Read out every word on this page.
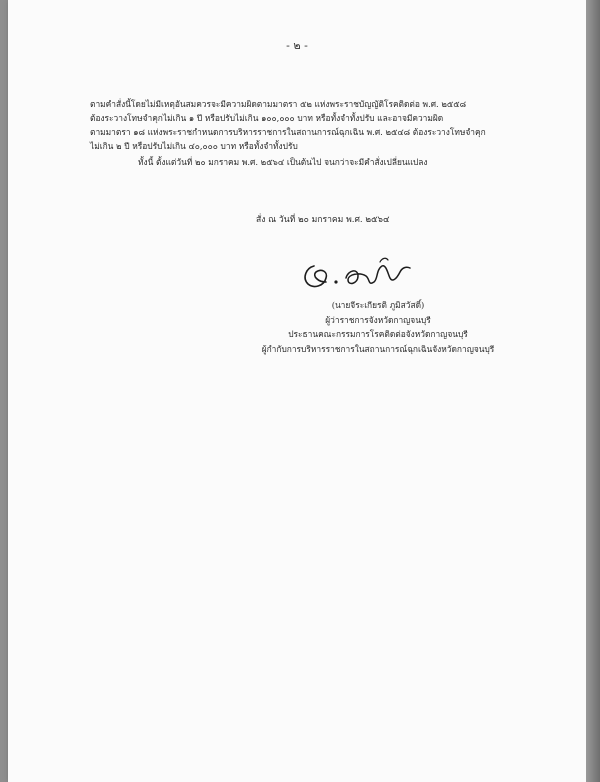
- ๒ -

ตามคำสั่งนี้โดยไม่มีเหตุอันสมควรจะมีความผิดตามมาตรา ๕๒ แห่งพระราชบัญญัติโรคติดต่อ พ.ศ. ๒๕๕๘

ต้องระวางโทษจำคุกไม่เกิน ๑ ปี หรือปรับไม่เกิน ๑๐๐,๐๐๐ บาท หรือทั้งจำทั้งปรับ และอาจมีความผิด

ตามมาตรา ๑๘ แห่งพระราชกำหนดการบริหารราชการในสถานการณ์ฉุกเฉิน พ.ศ. ๒๕๔๘ ต้องระวางโทษจำคุก

ไม่เกิน ๒ ปี หรือปรับไม่เกิน ๔๐,๐๐๐ บาท หรือทั้งจำทั้งปรับ

ทั้งนี้ ตั้งแต่วันที่ ๒๐ มกราคม พ.ศ. ๒๕๖๔ เป็นต้นไป จนกว่าจะมีคำสั่งเปลี่ยนแปลง

สั่ง ณ วันที่ ๒๐ มกราคม พ.ศ. ๒๕๖๔
(นายจีระเกียรติ ภูมิสวัสดิ์)
ผู้ว่าราชการจังหวัดกาญจนบุรี
ประธานคณะกรรมการโรคติดต่อจังหวัดกาญจนบุรี
ผู้กำกับการบริหารราชการในสถานการณ์ฉุกเฉินจังหวัดกาญจนบุรี
